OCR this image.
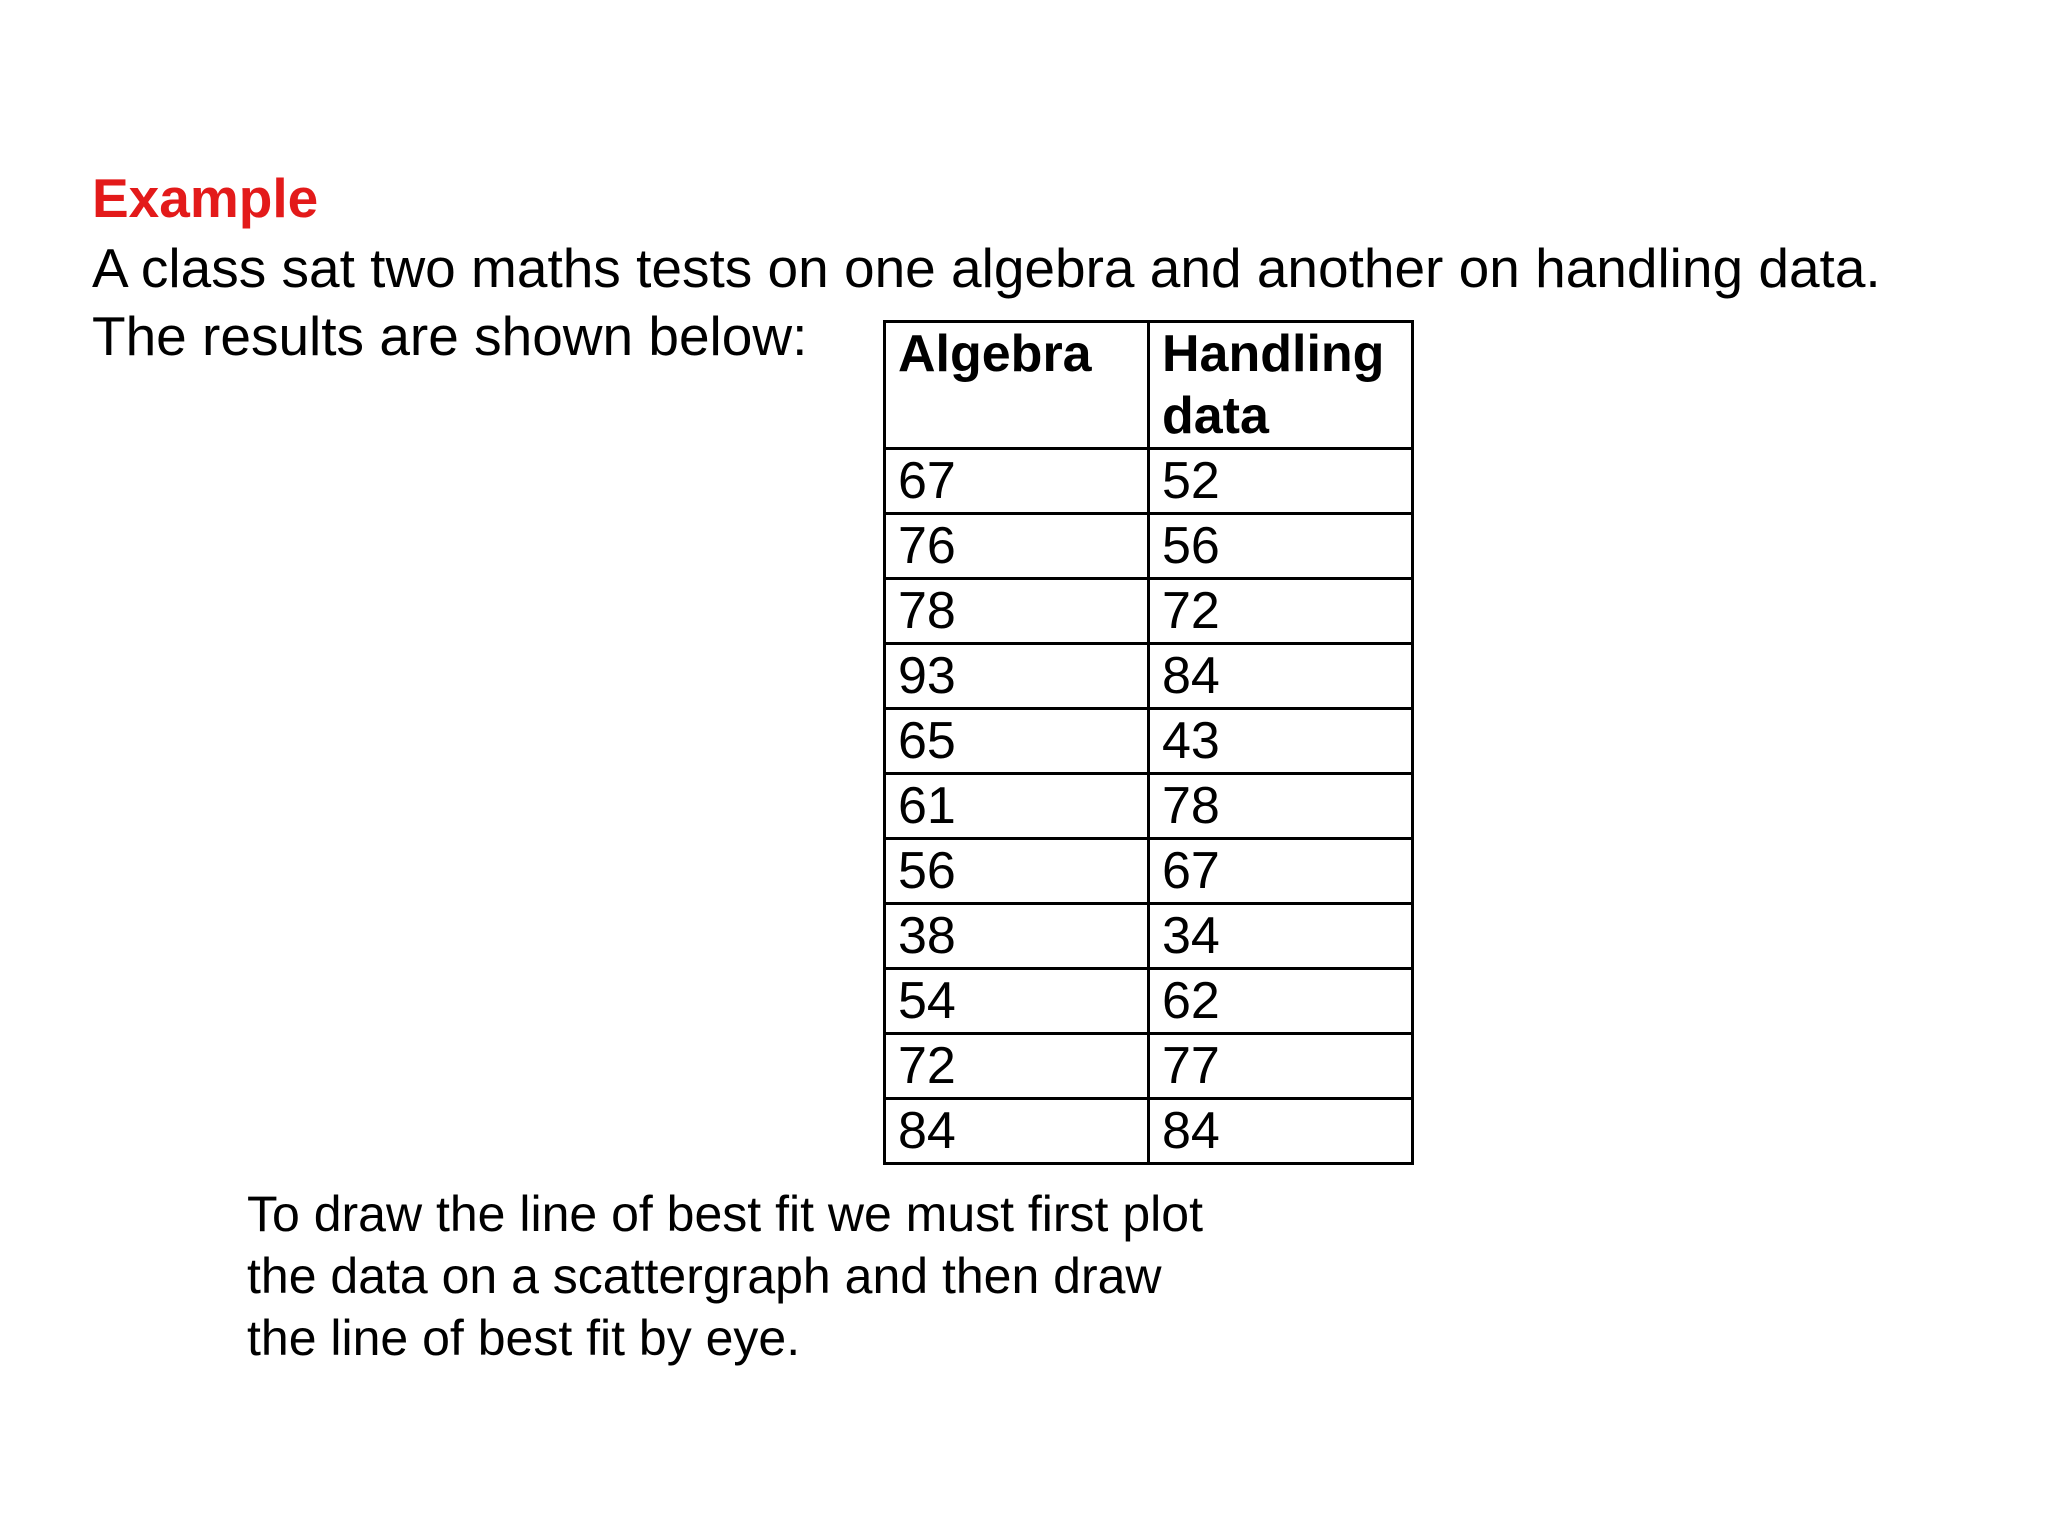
Example
A class sat two maths tests on one algebra and another on handling data.
The results are shown below:	Algebra	Handling
data

67	52
76	56
78	72
93	84
65	43
61	78
56	67
38	34
54	62
72	77
84	84
To draw the line of best fit we must first plot
the data on a scattergraph and then draw
the line of best fit by eye.
